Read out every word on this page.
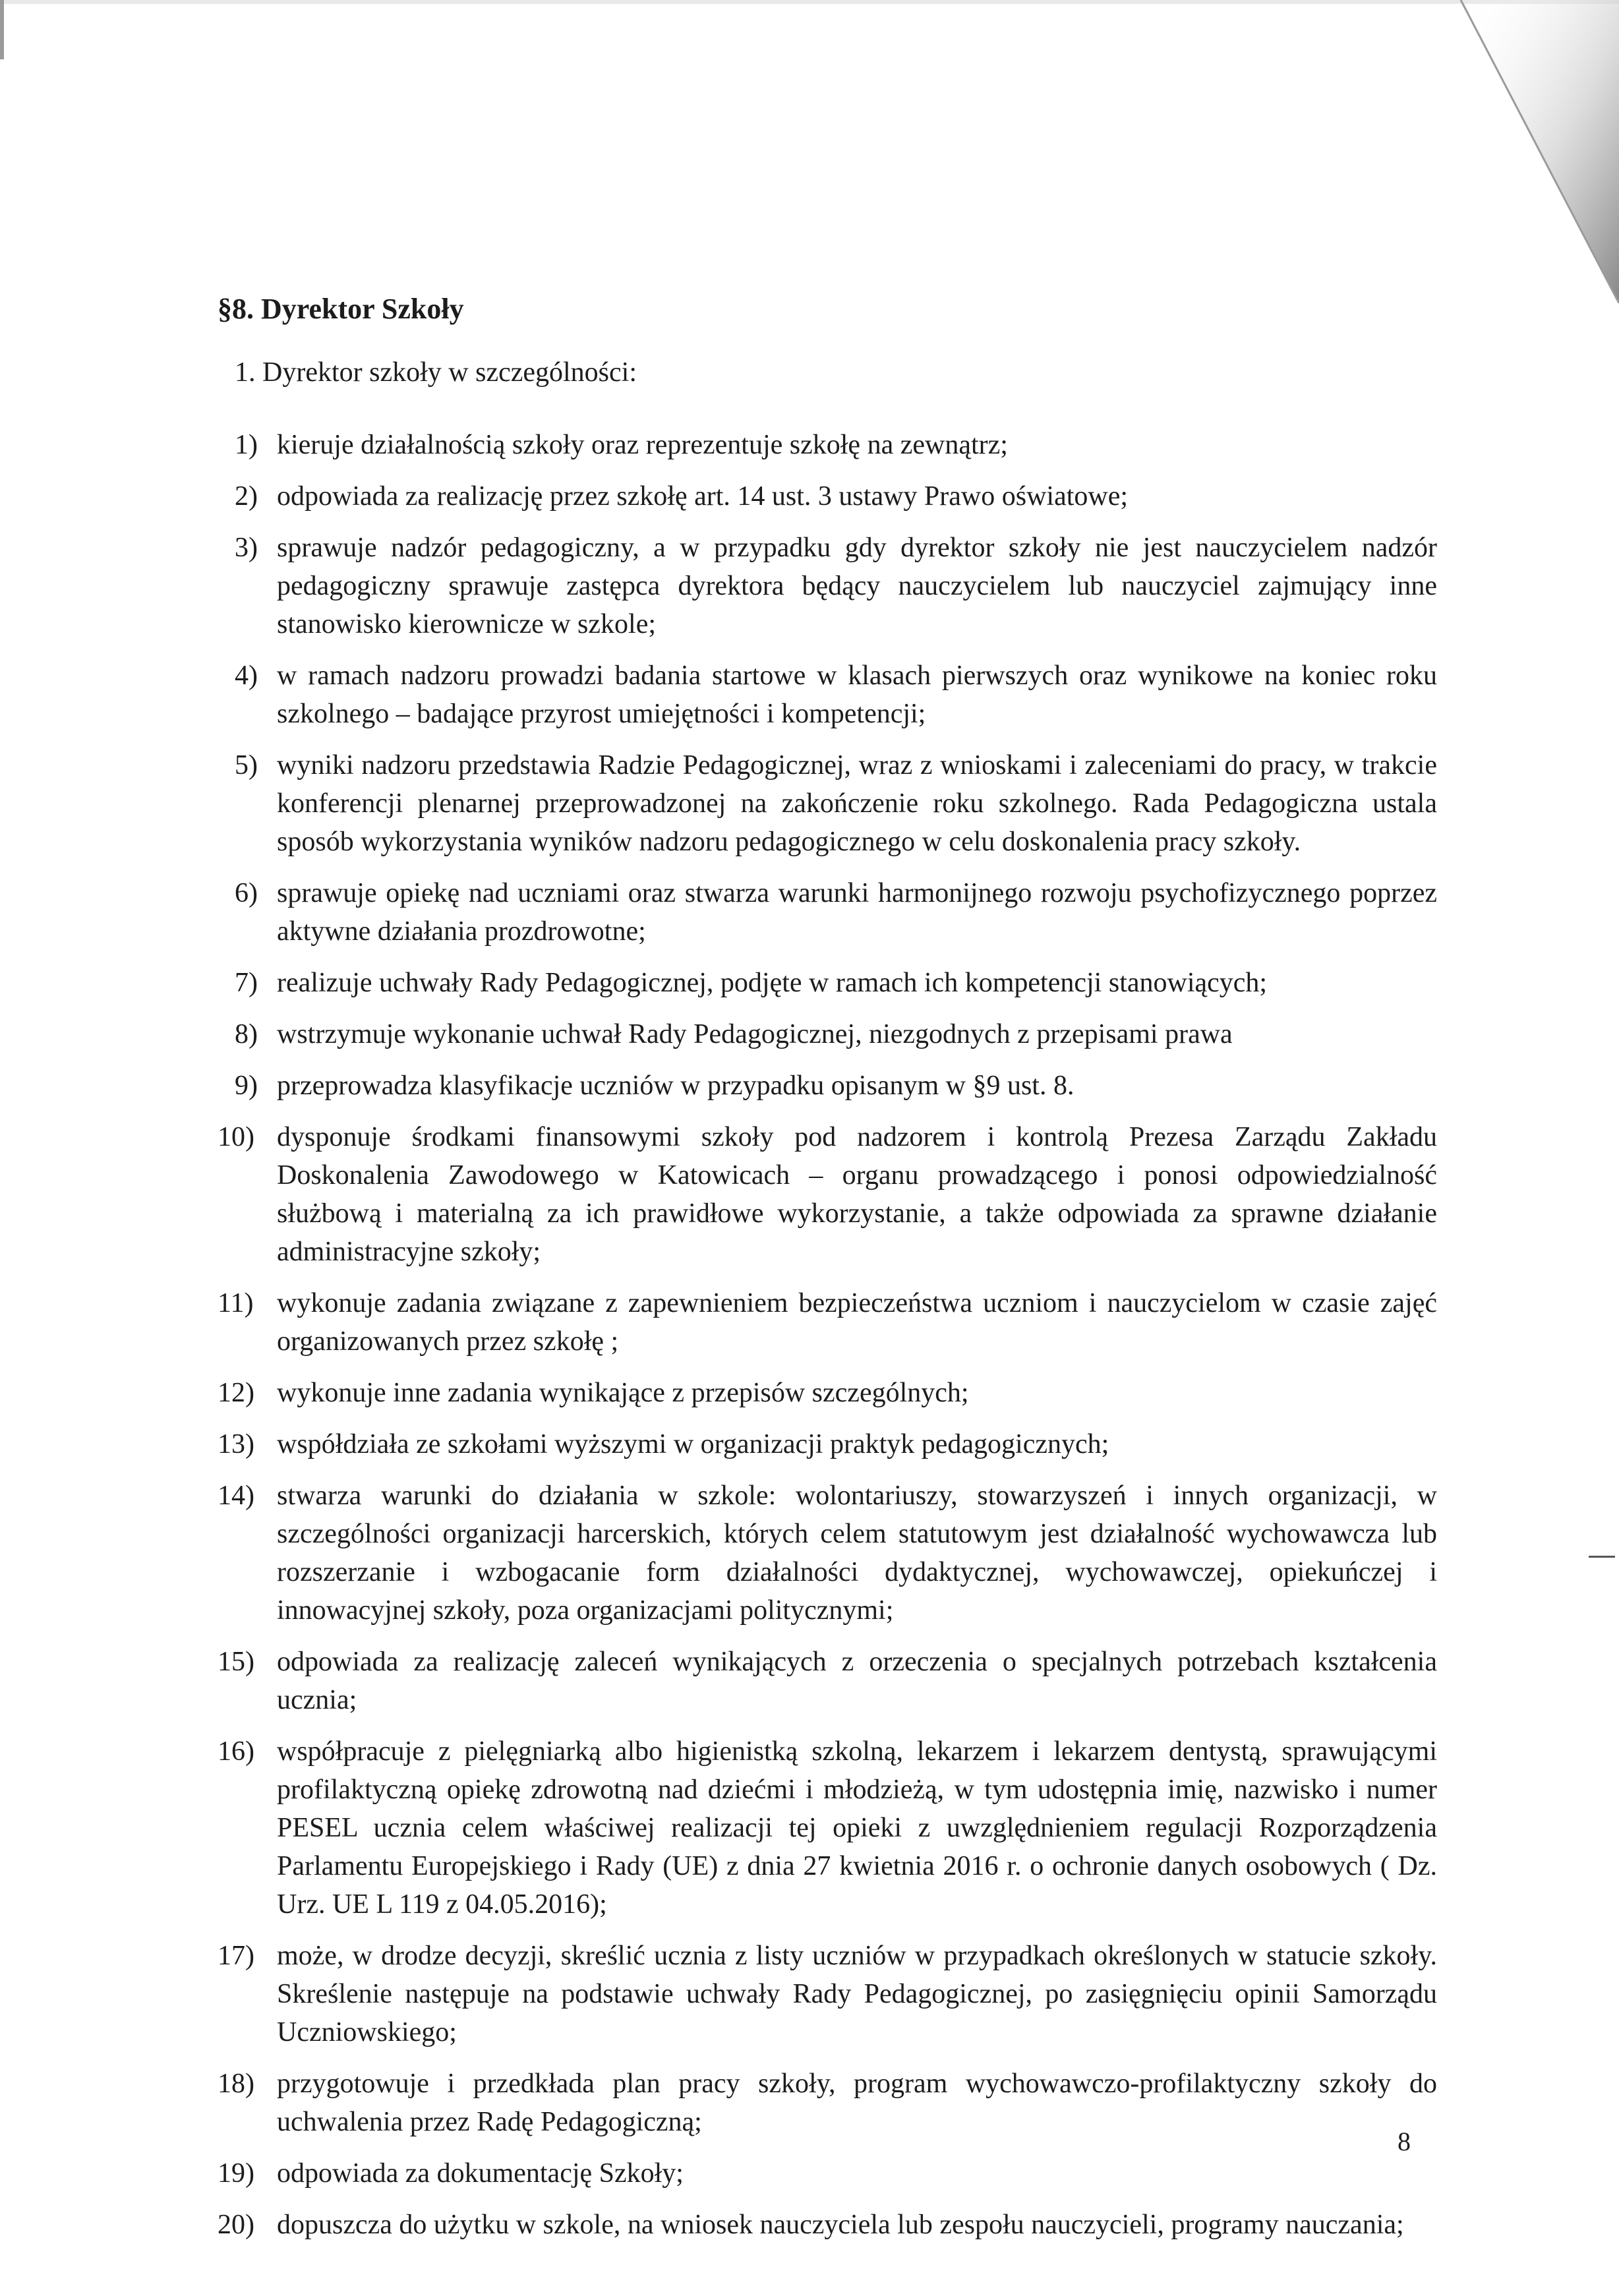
§8. Dyrektor Szkoły
1. Dyrektor szkoły w szczególności:
1) kieruje działalnością szkoły oraz reprezentuje szkołę na zewnątrz;
2) odpowiada za realizację przez szkołę art. 14 ust. 3 ustawy Prawo oświatowe;
3) sprawuje nadzór pedagogiczny, a w przypadku gdy dyrektor szkoły nie jest nauczycielem nadzór pedagogiczny sprawuje zastępca dyrektora będący nauczycielem lub nauczyciel zajmujący inne stanowisko kierownicze w szkole;
4) w ramach nadzoru prowadzi badania startowe w klasach pierwszych oraz wynikowe na koniec roku szkolnego – badające przyrost umiejętności i kompetencji;
5) wyniki nadzoru przedstawia Radzie Pedagogicznej, wraz z wnioskami i zaleceniami do pracy, w trakcie konferencji plenarnej przeprowadzonej na zakończenie roku szkolnego. Rada Pedagogiczna ustala sposób wykorzystania wyników nadzoru pedagogicznego w celu doskonalenia pracy szkoły.
6) sprawuje opiekę nad uczniami oraz stwarza warunki harmonijnego rozwoju psychofizycznego poprzez aktywne działania prozdrowotne;
7) realizuje uchwały Rady Pedagogicznej, podjęte w ramach ich kompetencji stanowiących;
8) wstrzymuje wykonanie uchwał Rady Pedagogicznej, niezgodnych z przepisami prawa
9) przeprowadza klasyfikacje uczniów w przypadku opisanym w §9 ust. 8.
10) dysponuje środkami finansowymi szkoły pod nadzorem i kontrolą Prezesa Zarządu Zakładu Doskonalenia Zawodowego w Katowicach – organu prowadzącego i ponosi odpowiedzialność służbową i materialną za ich prawidłowe wykorzystanie, a także odpowiada za sprawne działanie administracyjne szkoły;
11) wykonuje zadania związane z zapewnieniem bezpieczeństwa uczniom i nauczycielom w czasie zajęć organizowanych przez szkołę ;
12) wykonuje inne zadania wynikające z przepisów szczególnych;
13) współdziała ze szkołami wyższymi w organizacji praktyk pedagogicznych;
14) stwarza warunki do działania w szkole: wolontariuszy, stowarzyszeń i innych organizacji, w szczególności organizacji harcerskich, których celem statutowym jest działalność wychowawcza lub rozszerzanie i wzbogacanie form działalności dydaktycznej, wychowawczej, opiekuńczej i innowacyjnej szkoły, poza organizacjami politycznymi;
15) odpowiada za realizację zaleceń wynikających z orzeczenia o specjalnych potrzebach kształcenia ucznia;
16) współpracuje z pielęgniarką albo higienistką szkolną, lekarzem i lekarzem dentystą, sprawującymi profilaktyczną opiekę zdrowotną nad dziećmi i młodzieżą, w tym udostępnia imię, nazwisko i numer PESEL ucznia celem właściwej realizacji tej opieki z uwzględnieniem regulacji Rozporządzenia Parlamentu Europejskiego i Rady (UE) z dnia 27 kwietnia 2016 r. o ochronie danych osobowych ( Dz. Urz. UE L 119 z 04.05.2016);
17) może, w drodze decyzji, skreślić ucznia z listy uczniów w przypadkach określonych w statucie szkoły. Skreślenie następuje na podstawie uchwały Rady Pedagogicznej, po zasięgnięciu opinii Samorządu Uczniowskiego;
18) przygotowuje i przedkłada plan pracy szkoły, program wychowawczo-profilaktyczny szkoły do uchwalenia przez Radę Pedagogiczną;
19) odpowiada za dokumentację Szkoły;
20) dopuszcza do użytku w szkole, na wniosek nauczyciela lub zespołu nauczycieli, programy nauczania;
8
